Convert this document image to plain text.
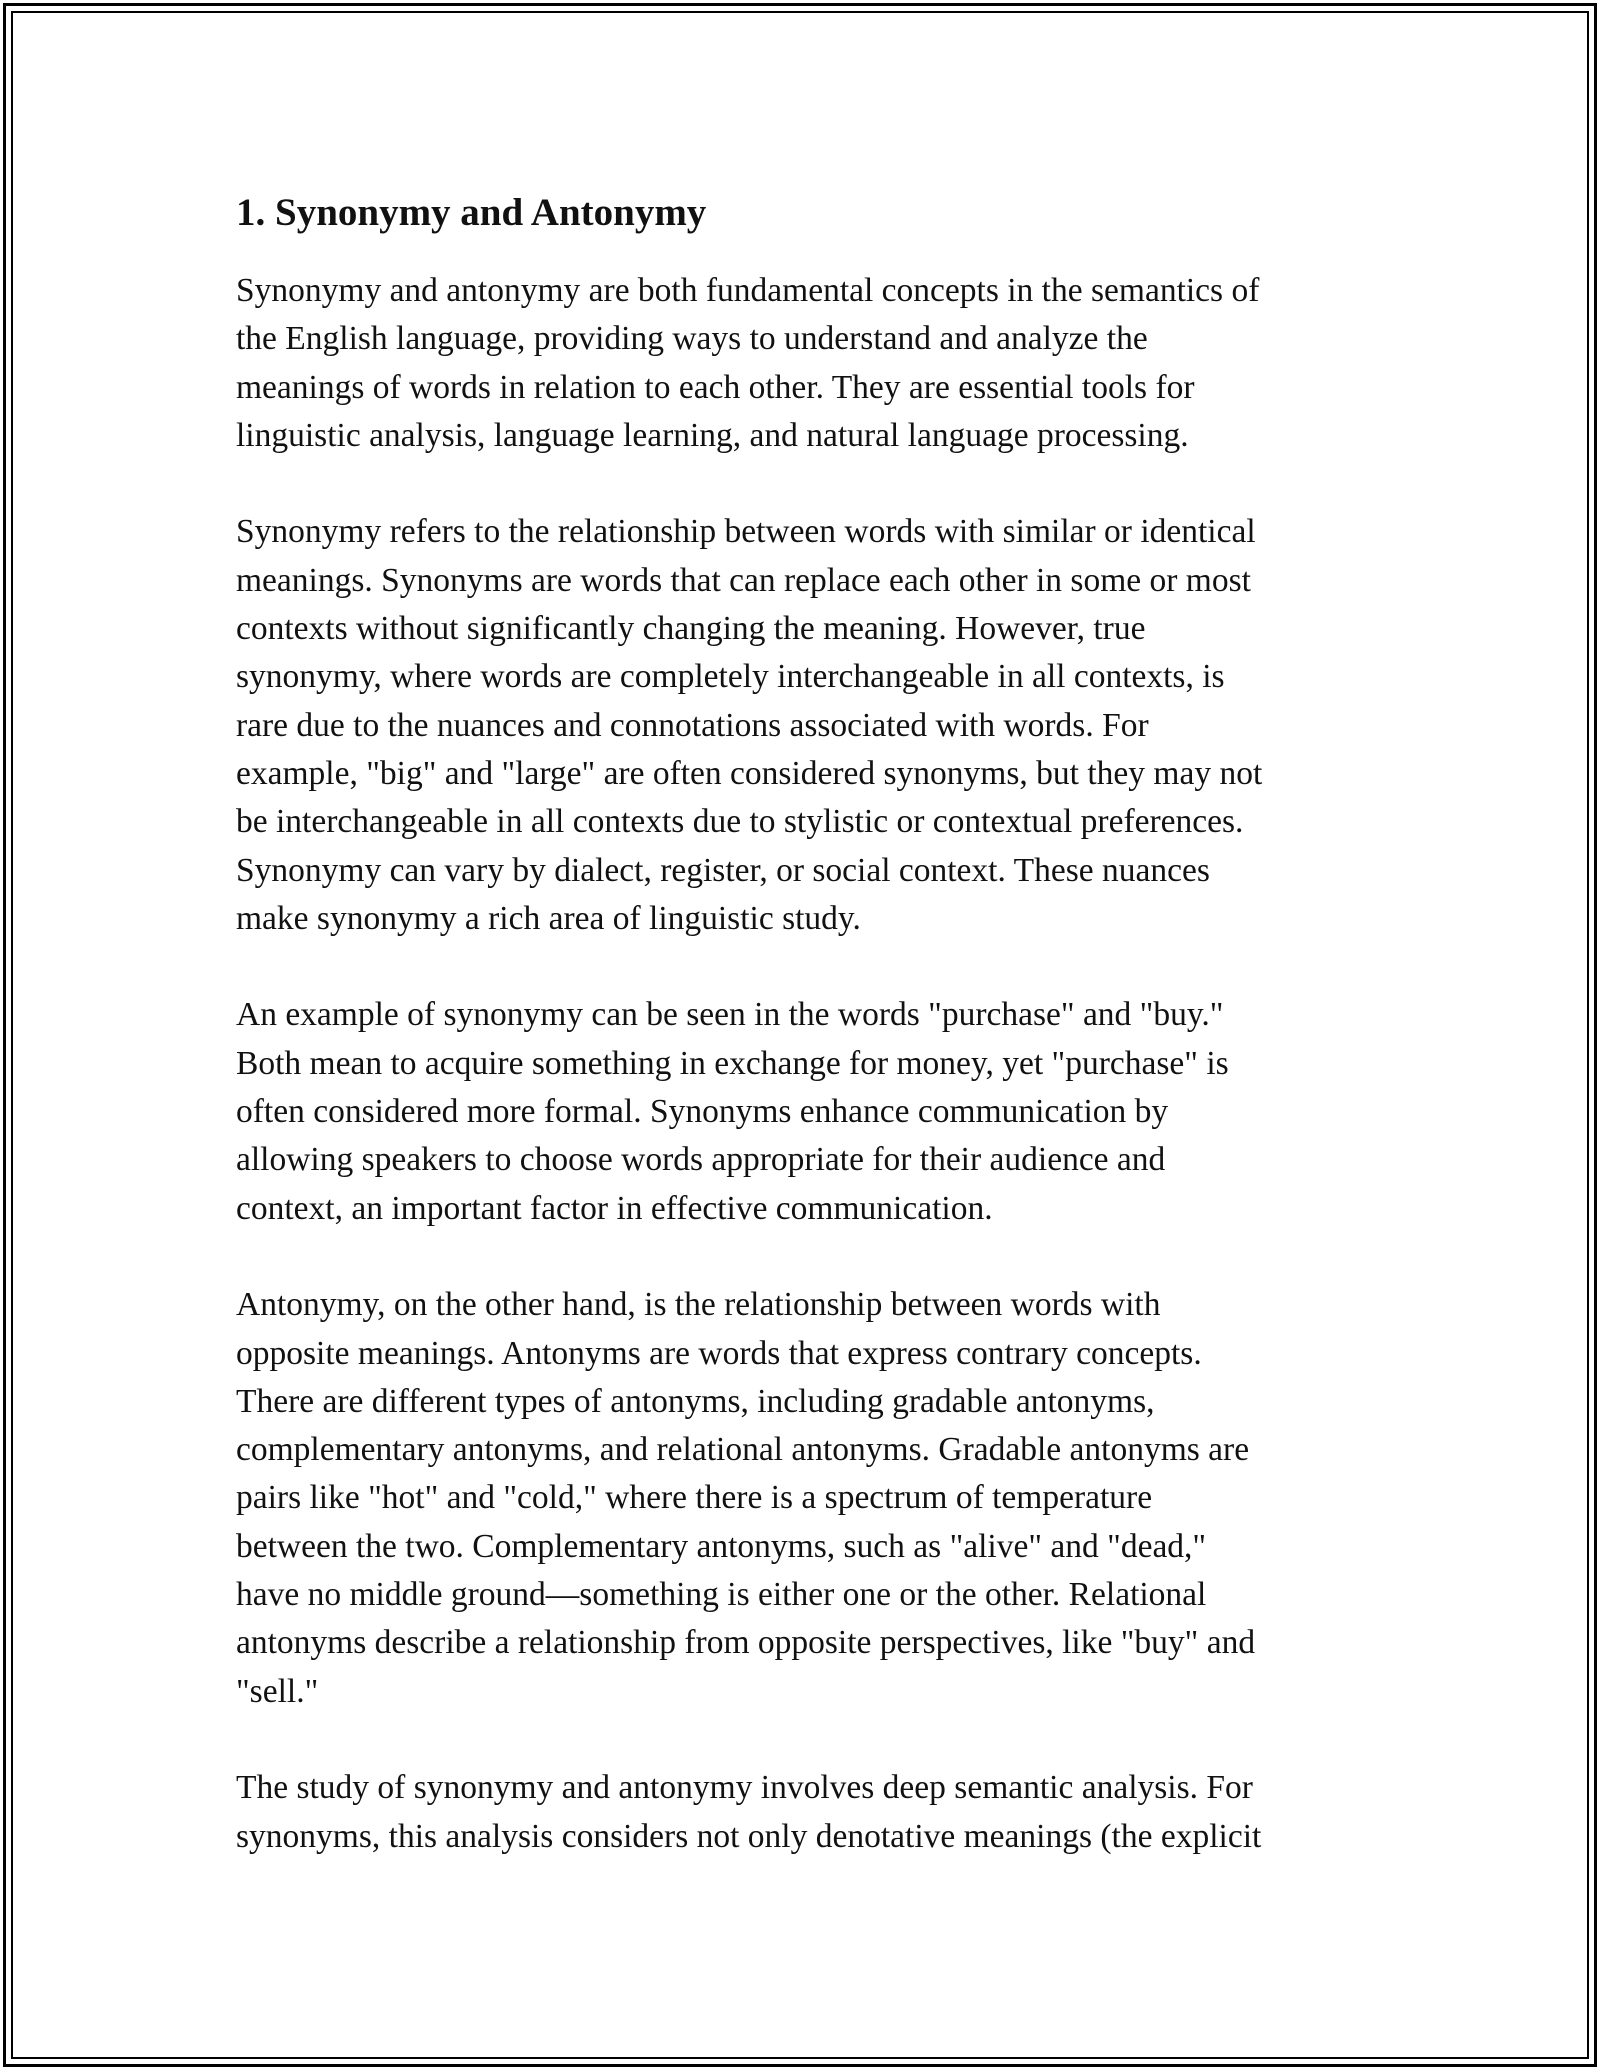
1. Synonymy and Antonymy
Synonymy and antonymy are both fundamental concepts in the semantics of
the English language, providing ways to understand and analyze the
meanings of words in relation to each other. They are essential tools for
linguistic analysis, language learning, and natural language processing.
Synonymy refers to the relationship between words with similar or identical
meanings. Synonyms are words that can replace each other in some or most
contexts without significantly changing the meaning. However, true
synonymy, where words are completely interchangeable in all contexts, is
rare due to the nuances and connotations associated with words. For
example, "big" and "large" are often considered synonyms, but they may not
be interchangeable in all contexts due to stylistic or contextual preferences.
Synonymy can vary by dialect, register, or social context. These nuances
make synonymy a rich area of linguistic study.
An example of synonymy can be seen in the words "purchase" and "buy."
Both mean to acquire something in exchange for money, yet "purchase" is
often considered more formal. Synonyms enhance communication by
allowing speakers to choose words appropriate for their audience and
context, an important factor in effective communication.
Antonymy, on the other hand, is the relationship between words with
opposite meanings. Antonyms are words that express contrary concepts.
There are different types of antonyms, including gradable antonyms,
complementary antonyms, and relational antonyms. Gradable antonyms are
pairs like "hot" and "cold," where there is a spectrum of temperature
between the two. Complementary antonyms, such as "alive" and "dead,"
have no middle ground—something is either one or the other. Relational
antonyms describe a relationship from opposite perspectives, like "buy" and
"sell."
The study of synonymy and antonymy involves deep semantic analysis. For
synonyms, this analysis considers not only denotative meanings (the explicit
